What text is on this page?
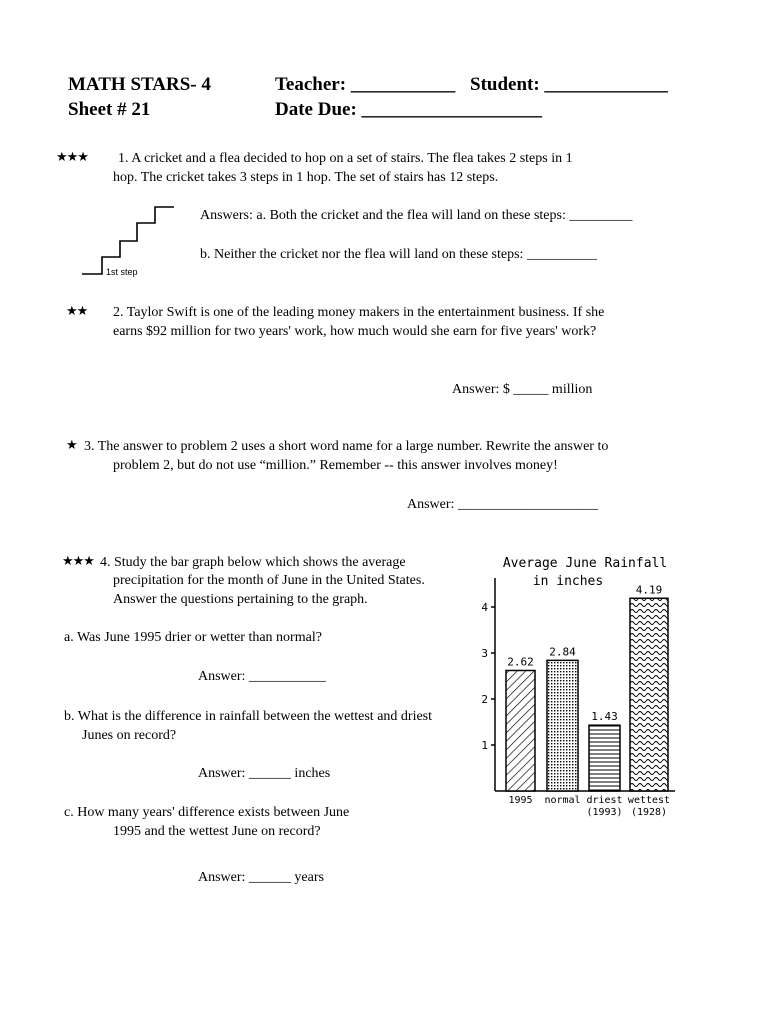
MATH STARS- 4
Sheet # 21
Teacher: ___________ Student: _____________
Date Due: ___________________
★★★ 1. A cricket and a flea decided to hop on a set of stairs. The flea takes 2 steps in 1
hop. The cricket takes 3 steps in 1 hop. The set of stairs has 12 steps.
1st step
Answers: a. Both the cricket and the flea will land on these steps: _________
b. Neither the cricket nor the flea will land on these steps: __________
★★ 2. Taylor Swift is one of the leading money makers in the entertainment business. If she
earns $92 million for two years' work, how much would she earn for five years' work?
Answer: $ _____ million
★ 3. The answer to problem 2 uses a short word name for a large number. Rewrite the answer to
problem 2, but do not use “million.” Remember -- this answer involves money!
Answer: ____________________
★★★ 4. Study the bar graph below which shows the average
precipitation for the month of June in the United States.
Answer the questions pertaining to the graph.
a. Was June 1995 drier or wetter than normal?
Answer: ___________
b. What is the difference in rainfall between the wettest and driest
Junes on record?
Answer: ______ inches
c. How many years' difference exists between June
1995 and the wettest June on record?
Answer: ______ years
Average June Rainfall
in inches
1
2
3
4
2.62
1995
2.84
normal
1.43
driest
(1993)
4.19
wettest
(1928)
